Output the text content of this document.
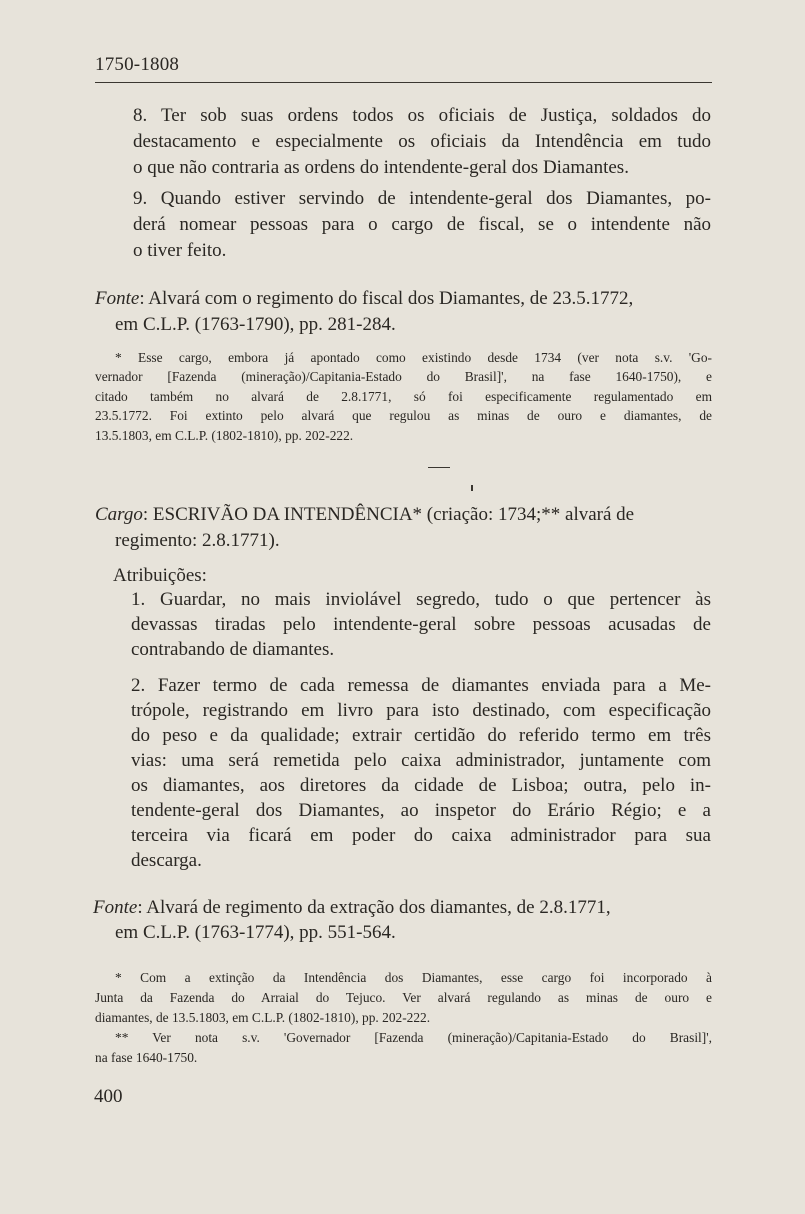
1750-1808
8. Ter sob suas ordens todos os oficiais de Justiça, soldados do
destacamento e especialmente os oficiais da Intendência em tudo
o que não contraria as ordens do intendente-geral dos Diamantes.
9. Quando estiver servindo de intendente-geral dos Diamantes, po-
derá nomear pessoas para o cargo de fiscal, se o intendente não
o tiver feito.
Fonte: Alvará com o regimento do fiscal dos Diamantes, de 23.5.1772,
em C.L.P. (1763-1790), pp. 281-284.
* Esse cargo, embora já apontado como existindo desde 1734 (ver nota s.v. 'Go-
vernador [Fazenda (mineração)/Capitania-Estado do Brasil]', na fase 1640-1750), e
citado também no alvará de 2.8.1771, só foi especificamente regulamentado em
23.5.1772. Foi extinto pelo alvará que regulou as minas de ouro e diamantes, de
13.5.1803, em C.L.P. (1802-1810), pp. 202-222.
Cargo: ESCRIVÃO DA INTENDÊNCIA* (criação: 1734;** alvará de
regimento: 2.8.1771).
Atribuições:
1. Guardar, no mais inviolável segredo, tudo o que pertencer às
devassas tiradas pelo intendente-geral sobre pessoas acusadas de
contrabando de diamantes.
2. Fazer termo de cada remessa de diamantes enviada para a Me-
trópole, registrando em livro para isto destinado, com especificação
do peso e da qualidade; extrair certidão do referido termo em três
vias: uma será remetida pelo caixa administrador, juntamente com
os diamantes, aos diretores da cidade de Lisboa; outra, pelo in-
tendente-geral dos Diamantes, ao inspetor do Erário Régio; e a
terceira via ficará em poder do caixa administrador para sua
descarga.
Fonte: Alvará de regimento da extração dos diamantes, de 2.8.1771,
em C.L.P. (1763-1774), pp. 551-564.
* Com a extinção da Intendência dos Diamantes, esse cargo foi incorporado à
Junta da Fazenda do Arraial do Tejuco. Ver alvará regulando as minas de ouro e
diamantes, de 13.5.1803, em C.L.P. (1802-1810), pp. 202-222.
** Ver nota s.v. 'Governador [Fazenda (mineração)/Capitania-Estado do Brasil]',
na fase 1640-1750.
400
